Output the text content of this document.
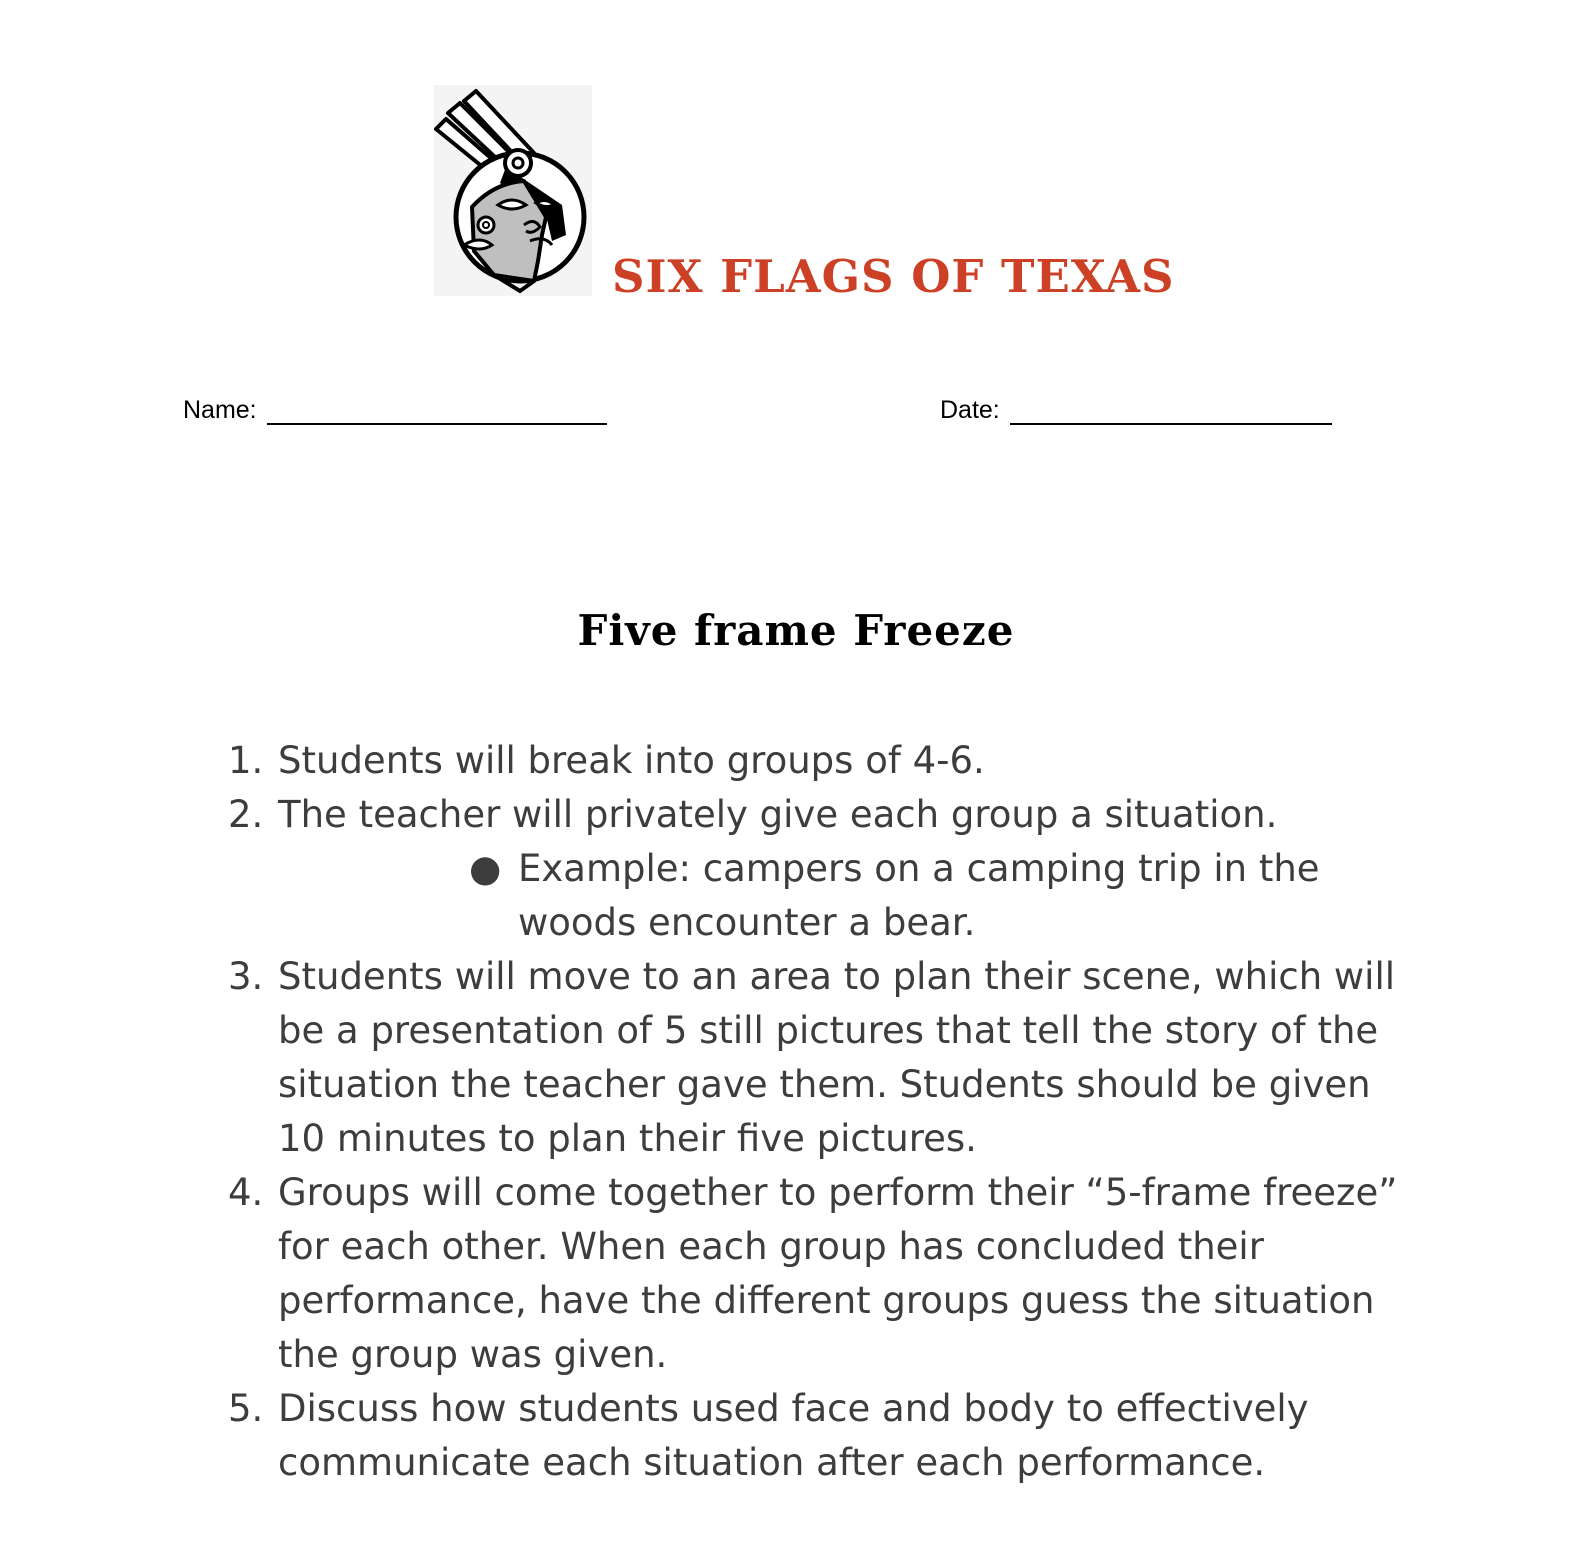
SIX FLAGS OF TEXAS
Name:	Date:
Five frame Freeze
1. Students will break into groups of 4-6.
2. The teacher will privately give each group a situation.
● Example: campers on a camping trip in the woods encounter a bear.
3. Students will move to an area to plan their scene, which will be a presentation of 5 still pictures that tell the story of the situation the teacher gave them. Students should be given 10 minutes to plan their five pictures.
4. Groups will come together to perform their “5-frame freeze” for each other. When each group has concluded their performance, have the different groups guess the situation the group was given.
5. Discuss how students used face and body to effectively communicate each situation after each performance.
